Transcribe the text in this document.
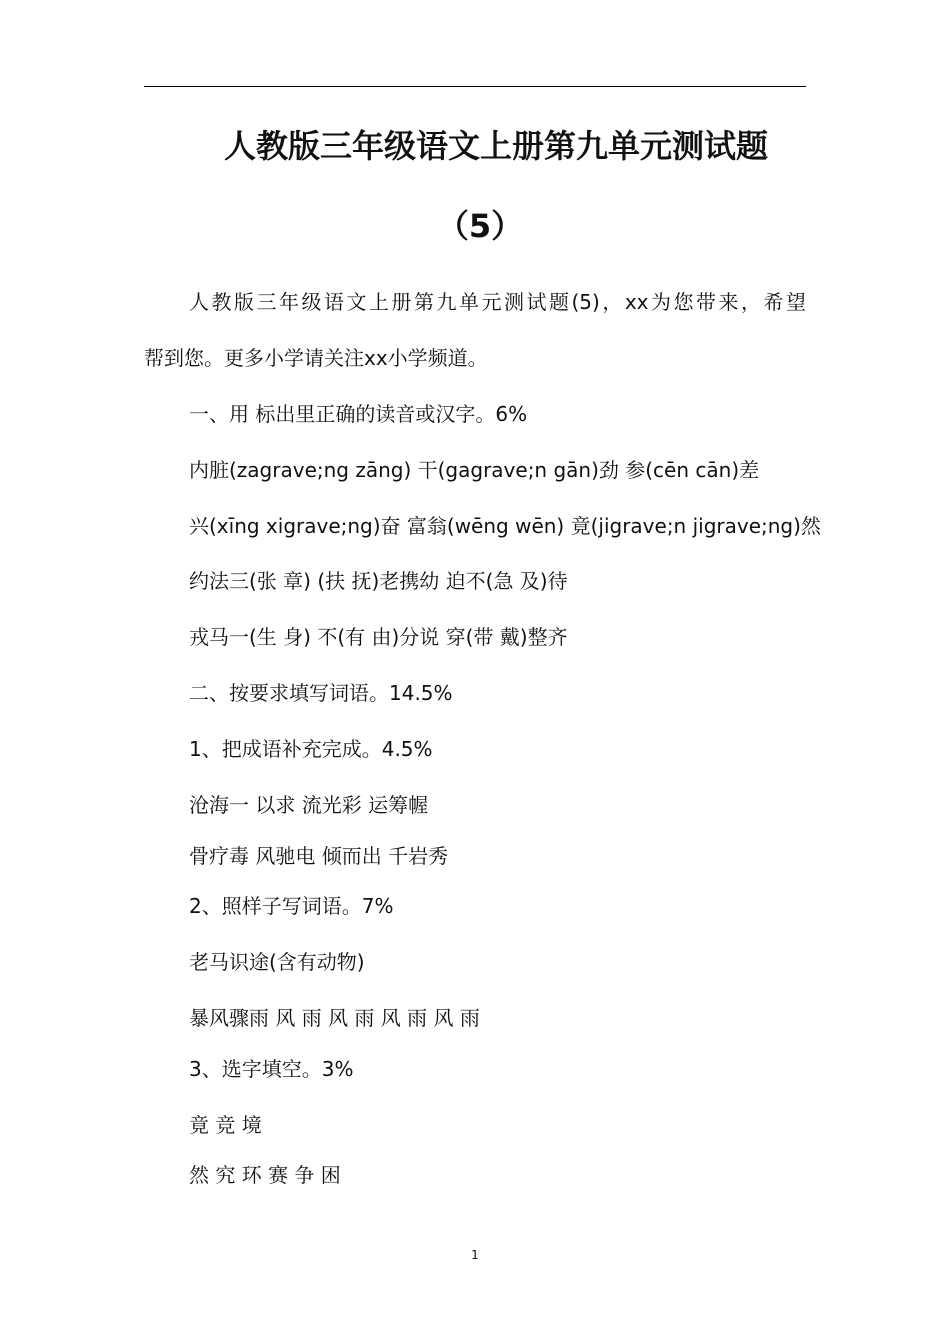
人教版三年级语文上册第九单元测试题
（5）
人教版三年级语文上册第九单元测试题(5)，xx为您带来，希望
帮到您。更多小学请关注xx小学频道。
一、用 标出里正确的读音或汉字。6%
内脏(zagrave;ng zāng) 干(gagrave;n gān)劲 参(cēn cān)差
兴(xīng xigrave;ng)奋 富翁(wēng wēn) 竟(jigrave;n jigrave;ng)然
约法三(张 章) (扶 抚)老携幼 迫不(急 及)待
戎马一(生 身) 不(有 由)分说 穿(带 戴)整齐
二、按要求填写词语。14.5%
1、把成语补充完成。4.5%
沧海一 以求 流光彩 运筹幄
骨疗毒 风驰电 倾而出 千岩秀
2、照样子写词语。7%
老马识途(含有动物)
暴风骤雨 风 雨 风 雨 风 雨 风 雨
3、选字填空。3%
竟 竞 境
然 究 环 赛 争 困
1
